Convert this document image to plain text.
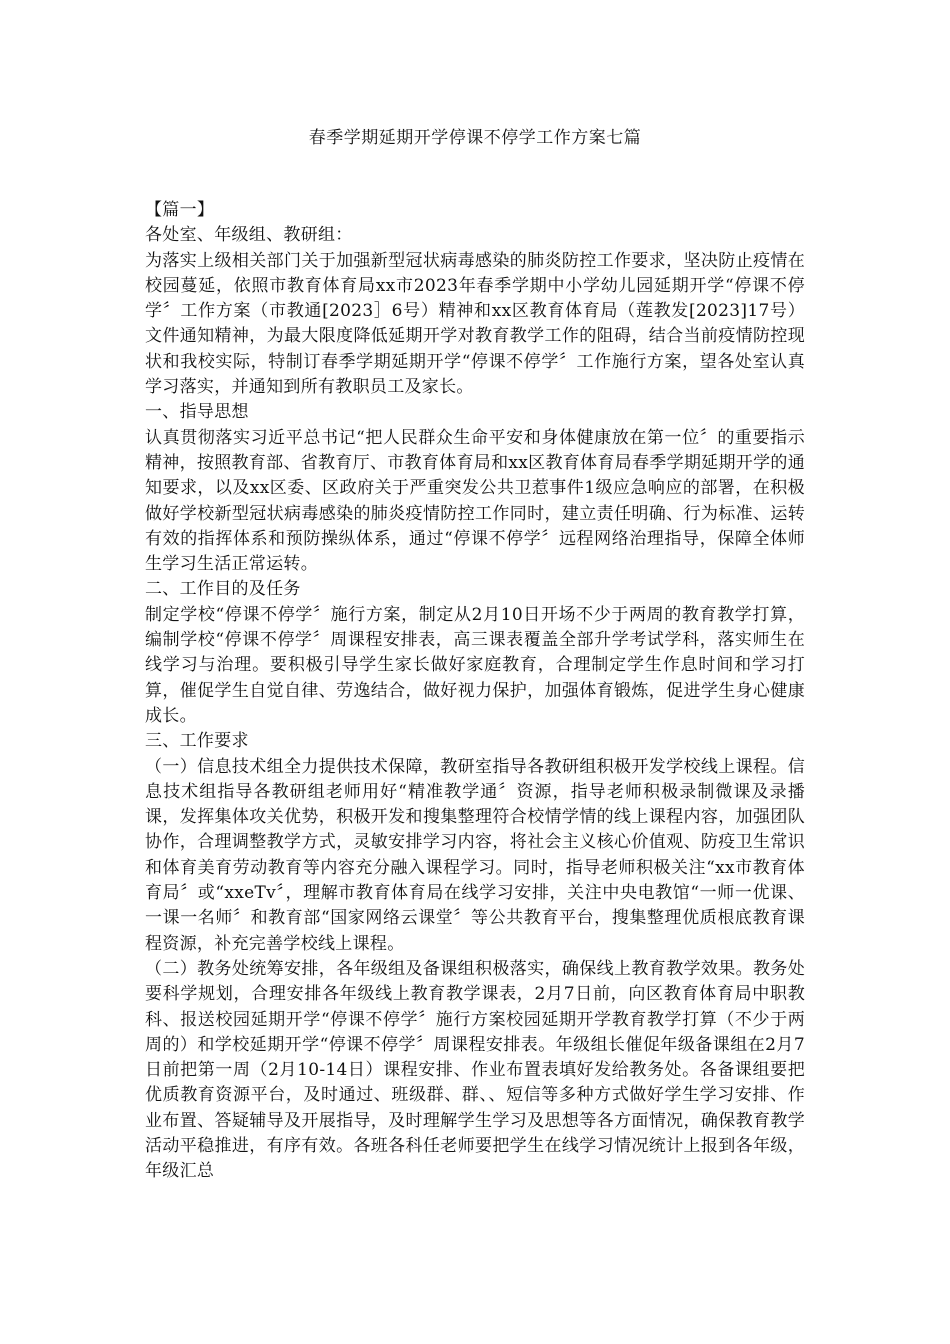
春季学期延期开学停课不停学工作方案七篇

【篇一】

各处室、年级组、教研组：

为落实上级相关部门关于加强新型冠状病毒感染的肺炎防控工作要求，坚决防止疫情在校园蔓延，依照市教育体育局xx市2023年春季学期中小学幼儿园延期开学“停课不停学〞工作方案（市教通[2023］6号）精神和xx区教育体育局（莲教发[2023]17号）文件通知精神，为最大限度降低延期开学对教育教学工作的阻碍，结合当前疫情防控现状和我校实际，特制订春季学期延期开学“停课不停学〞工作施行方案，望各处室认真学习落实，并通知到所有教职员工及家长。

一、指导思想

认真贯彻落实习近平总书记“把人民群众生命平安和身体健康放在第一位〞的重要指示精神，按照教育部、省教育厅、市教育体育局和xx区教育体育局春季学期延期开学的通知要求，以及xx区委、区政府关于严重突发公共卫惹事件1级应急响应的部署，在积极做好学校新型冠状病毒感染的肺炎疫情防控工作同时，建立责任明确、行为标准、运转有效的指挥体系和预防操纵体系，通过“停课不停学〞远程网络治理指导，保障全体师生学习生活正常运转。

二、工作目的及任务

制定学校“停课不停学〞施行方案，制定从2月10日开场不少于两周的教育教学打算，编制学校“停课不停学〞周课程安排表，高三课表覆盖全部升学考试学科，落实师生在线学习与治理。要积极引导学生家长做好家庭教育，合理制定学生作息时间和学习打算，催促学生自觉自律、劳逸结合，做好视力保护，加强体育锻炼，促进学生身心健康成长。

三、工作要求

（一）信息技术组全力提供技术保障，教研室指导各教研组积极开发学校线上课程。信息技术组指导各教研组老师用好“精准教学通〞资源，指导老师积极录制微课及录播课，发挥集体攻关优势，积极开发和搜集整理符合校情学情的线上课程内容，加强团队协作，合理调整教学方式，灵敏安排学习内容，将社会主义核心价值观、防疫卫生常识和体育美育劳动教育等内容充分融入课程学习。同时，指导老师积极关注“xx市教育体育局〞或“xxeTv〞，理解市教育体育局在线学习安排，关注中央电教馆“一师一优课、一课一名师〞和教育部“国家网络云课堂〞等公共教育平台，搜集整理优质根底教育课程资源，补充完善学校线上课程。

（二）教务处统筹安排，各年级组及备课组积极落实，确保线上教育教学效果。教务处要科学规划，合理安排各年级线上教育教学课表，2月7日前，向区教育体育局中职教科、报送校园延期开学“停课不停学〞施行方案校园延期开学教育教学打算（不少于两周的）和学校延期开学“停课不停学〞周课程安排表。年级组长催促年级备课组在2月7日前把第一周（2月10-14日）课程安排、作业布置表填好发给教务处。各备课组要把优质教育资源平台，及时通过、班级群、群、、短信等多种方式做好学生学习安排、作业布置、答疑辅导及开展指导，及时理解学生学习及思想等各方面情况，确保教育教学活动平稳推进，有序有效。各班各科任老师要把学生在线学习情况统计上报到各年级，年级汇总
